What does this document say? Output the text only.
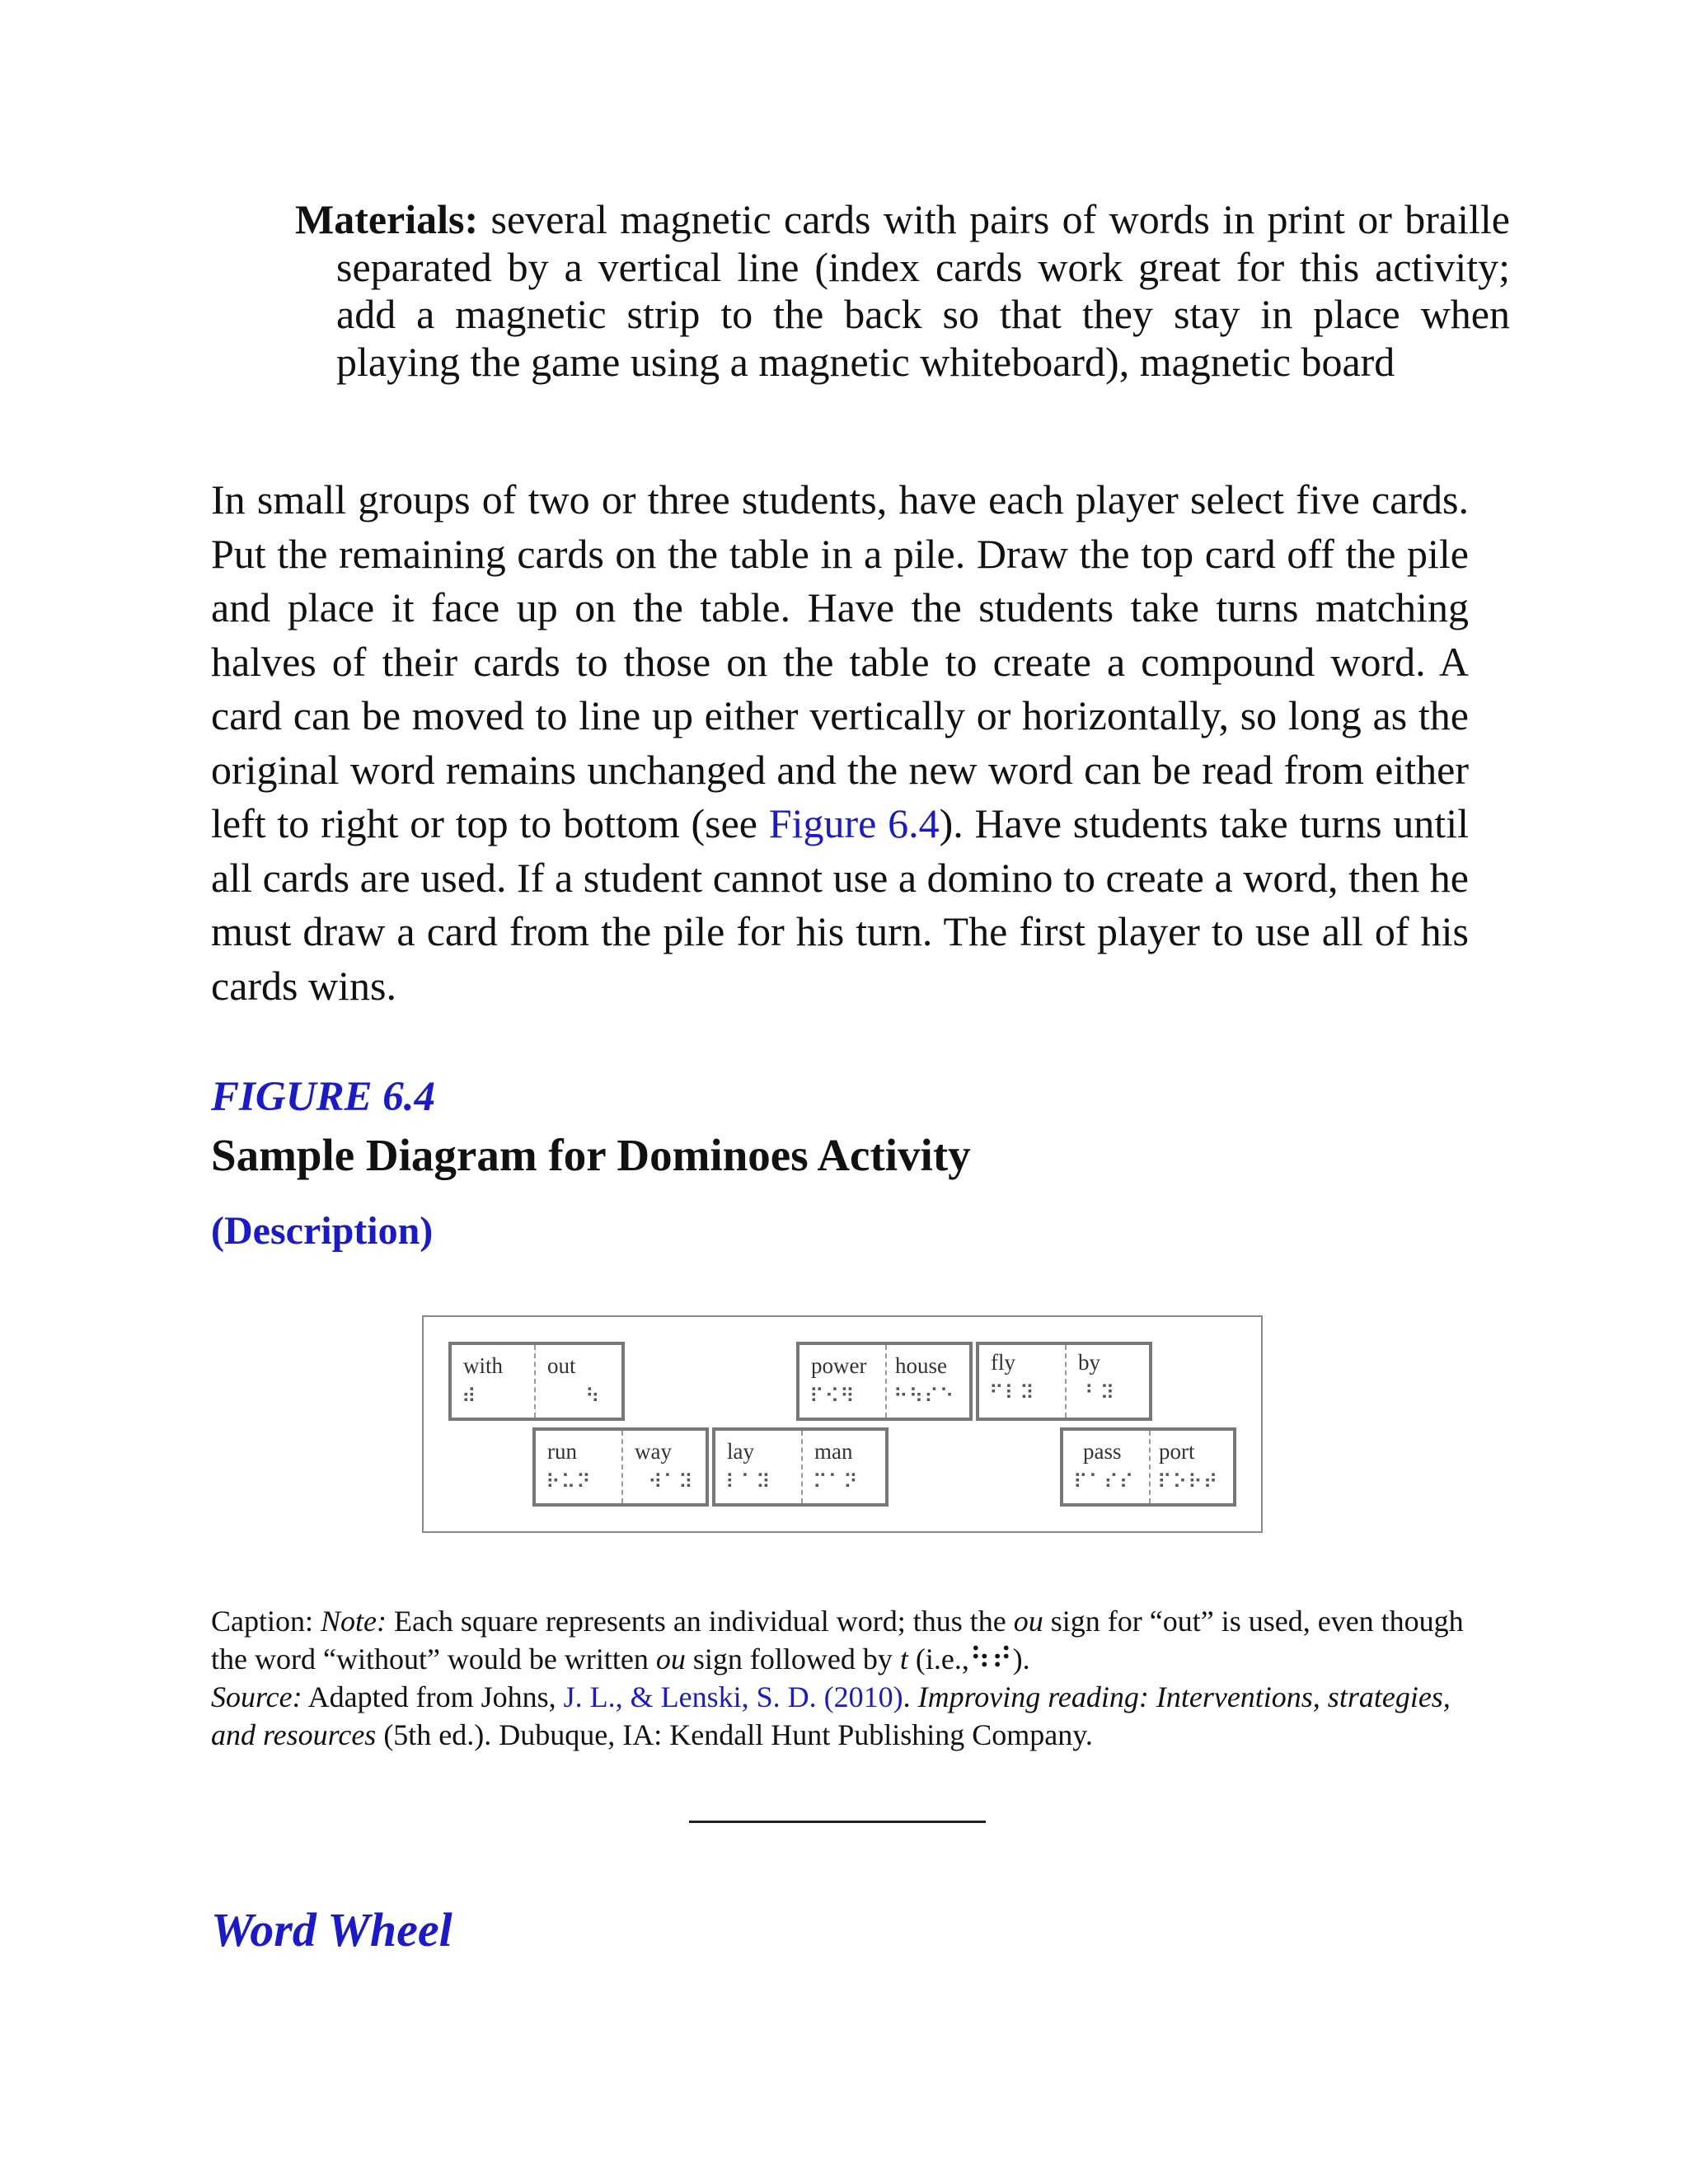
Materials: several magnetic cards with pairs of words in print or braille separated by a vertical line (index cards work great for this activity; add a magnetic strip to the back so that they stay in place when playing the game using a magnetic whiteboard), magnetic board
In small groups of two or three students, have each player select five cards. Put the remaining cards on the table in a pile. Draw the top card off the pile and place it face up on the table. Have the students take turns matching halves of their cards to those on the table to create a compound word. A card can be moved to line up either vertically or horizontally, so long as the original word remains unchanged and the new word can be read from either left to right or top to bottom (see Figure 6.4). Have students take turns until all cards are used. If a student cannot use a domino to create a word, then he must draw a card from the pile for his turn. The first player to use all of his cards wins.
FIGURE 6.4
Sample Diagram for Dominoes Activity
(Description)
with
⠾
out
⠳
run
⠗⠥⠝
way
⠺⠁⠽
lay
⠇⠁⠽
man
⠍⠁⠝
power
⠏⠪⠻
house
⠓⠳⠎⠑
fly
⠋⠇⠽
by
⠃⠽
pass
⠏⠁⠎⠎
port
⠏⠕⠗⠞
Caption: Note: Each square represents an individual word; thus the ou sign for “out” is used, even though the word “without” would be written ou sign followed by t (i.e.,⠳⠞).
Source: Adapted from Johns, J. L., & Lenski, S. D. (2010). Improving reading: Interventions, strategies, and resources (5th ed.). Dubuque, IA: Kendall Hunt Publishing Company.
Word Wheel
